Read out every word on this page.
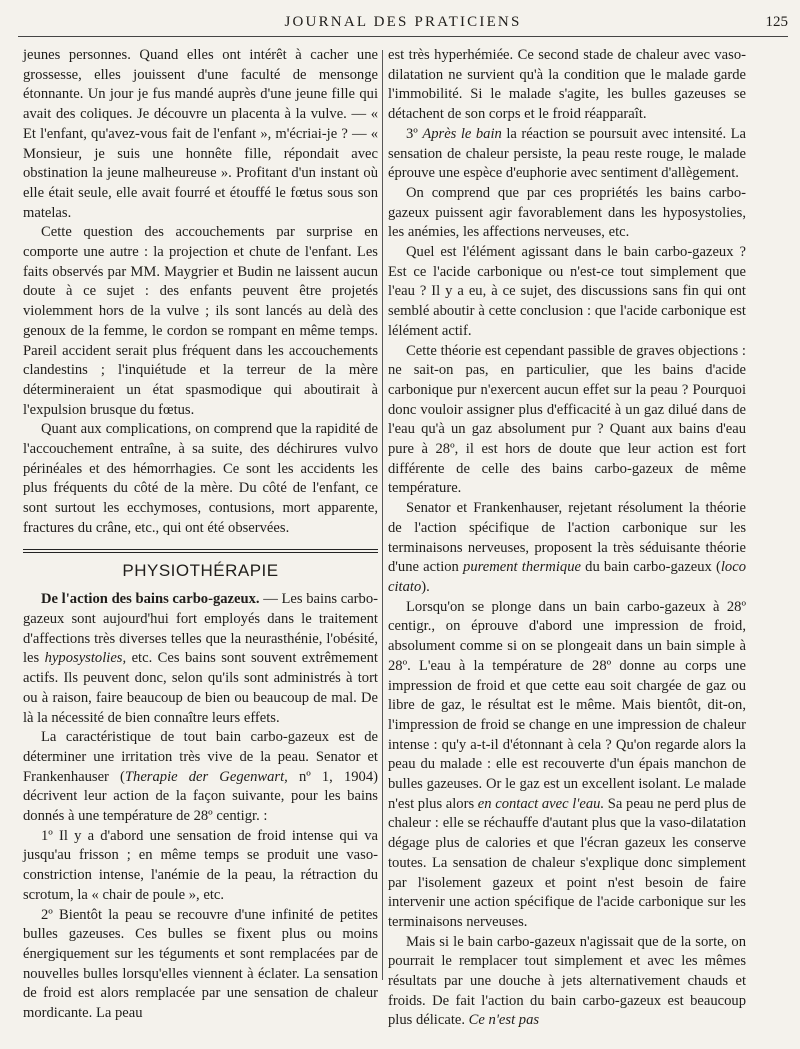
JOURNAL DES PRATICIENS	125

jeunes personnes. Quand elles ont intérêt à cacher une grossesse, elles jouissent d'une faculté de mensonge étonnante. Un jour je fus mandé auprès d'une jeune fille qui avait des coliques. Je découvre un placenta à la vulve. — « Et l'enfant, qu'avez-vous fait de l'enfant », m'écriai-je ? — « Monsieur, je suis une honnête fille, répondait avec obstination la jeune malheureuse ». Profitant d'un instant où elle était seule, elle avait fourré et étouffé le fœtus sous son matelas.

Cette question des accouchements par surprise en comporte une autre : la projection et chute de l'enfant. Les faits observés par MM. Maygrier et Budin ne laissent aucun doute à ce sujet : des enfants peuvent être projetés violemment hors de la vulve ; ils sont lancés au delà des genoux de la femme, le cordon se rompant en même temps. Pareil accident serait plus fréquent dans les accouchements clandestins ; l'inquiétude et la terreur de la mère détermineraient un état spasmodique qui aboutirait à l'expulsion brusque du fœtus.

Quant aux complications, on comprend que la rapidité de l'accouchement entraîne, à sa suite, des déchirures vulvo périnéales et des hémorrhagies. Ce sont les accidents les plus fréquents du côté de la mère. Du côté de l'enfant, ce sont surtout les ecchymoses, contusions, mort apparente, fractures du crâne, etc., qui ont été observées.

PHYSIOTHÉRAPIE

De l'action des bains carbo-gazeux. — Les bains carbo-gazeux sont aujourd'hui fort employés dans le traitement d'affections très diverses telles que la neurasthénie, l'obésité, les hyposystolies, etc. Ces bains sont souvent extrêmement actifs. Ils peuvent donc, selon qu'ils sont administrés à tort ou à raison, faire beaucoup de bien ou beaucoup de mal. De là la nécessité de bien connaître leurs effets.

La caractéristique de tout bain carbo-gazeux est de déterminer une irritation très vive de la peau. Senator et Frankenhauser (Therapie der Gegenwart, nº 1, 1904) décrivent leur action de la façon suivante, pour les bains donnés à une température de 28º centigr. :

1º Il y a d'abord une sensation de froid intense qui va jusqu'au frisson ; en même temps se produit une vaso-constriction intense, l'anémie de la peau, la rétraction du scrotum, la « chair de poule », etc.

2º Bientôt la peau se recouvre d'une infinité de petites bulles gazeuses. Ces bulles se fixent plus ou moins énergiquement sur les téguments et sont remplacées par de nouvelles bulles lorsqu'elles viennent à éclater. La sensation de froid est alors remplacée par une sensation de chaleur mordicante. La peau

est très hyperhémiée. Ce second stade de chaleur avec vaso-dilatation ne survient qu'à la condition que le malade garde l'immobilité. Si le malade s'agite, les bulles gazeuses se détachent de son corps et le froid réapparaît.

3º Après le bain la réaction se poursuit avec intensité. La sensation de chaleur persiste, la peau reste rouge, le malade éprouve une espèce d'euphorie avec sentiment d'allègement.

On comprend que par ces propriétés les bains carbo-gazeux puissent agir favorablement dans les hyposystolies, les anémies, les affections nerveuses, etc.

Quel est l'élément agissant dans le bain carbo-gazeux ? Est ce l'acide carbonique ou n'est-ce tout simplement que l'eau ? Il y a eu, à ce sujet, des discussions sans fin qui ont semblé aboutir à cette conclusion : que l'acide carbonique est lélément actif.

Cette théorie est cependant passible de graves objections : ne sait-on pas, en particulier, que les bains d'acide carbonique pur n'exercent aucun effet sur la peau ? Pourquoi donc vouloir assigner plus d'efficacité à un gaz dilué dans de l'eau qu'à un gaz absolument pur ? Quant aux bains d'eau pure à 28º, il est hors de doute que leur action est fort différente de celle des bains carbo-gazeux de même température.

Senator et Frankenhauser, rejetant résolument la théorie de l'action spécifique de l'action carbonique sur les terminaisons nerveuses, proposent la très séduisante théorie d'une action purement thermique du bain carbo-gazeux (loco citato).

Lorsqu'on se plonge dans un bain carbo-gazeux à 28º centigr., on éprouve d'abord une impression de froid, absolument comme si on se plongeait dans un bain simple à 28º. L'eau à la température de 28º donne au corps une impression de froid et que cette eau soit chargée de gaz ou libre de gaz, le résultat est le même. Mais bientôt, dit-on, l'impression de froid se change en une impression de chaleur intense : qu'y a-t-il d'étonnant à cela ? Qu'on regarde alors la peau du malade : elle est recouverte d'un épais manchon de bulles gazeuses. Or le gaz est un excellent isolant. Le malade n'est plus alors en contact avec l'eau. Sa peau ne perd plus de chaleur : elle se réchauffe d'autant plus que la vaso-dilatation dégage plus de calories et que l'écran gazeux les conserve toutes. La sensation de chaleur s'explique donc simplement par l'isolement gazeux et point n'est besoin de faire intervenir une action spécifique de l'acide carbonique sur les terminaisons nerveuses.

Mais si le bain carbo-gazeux n'agissait que de la sorte, on pourrait le remplacer tout simplement et avec les mêmes résultats par une douche à jets alternativement chauds et froids. De fait l'action du bain carbo-gazeux est beaucoup plus délicate. Ce n'est pas
